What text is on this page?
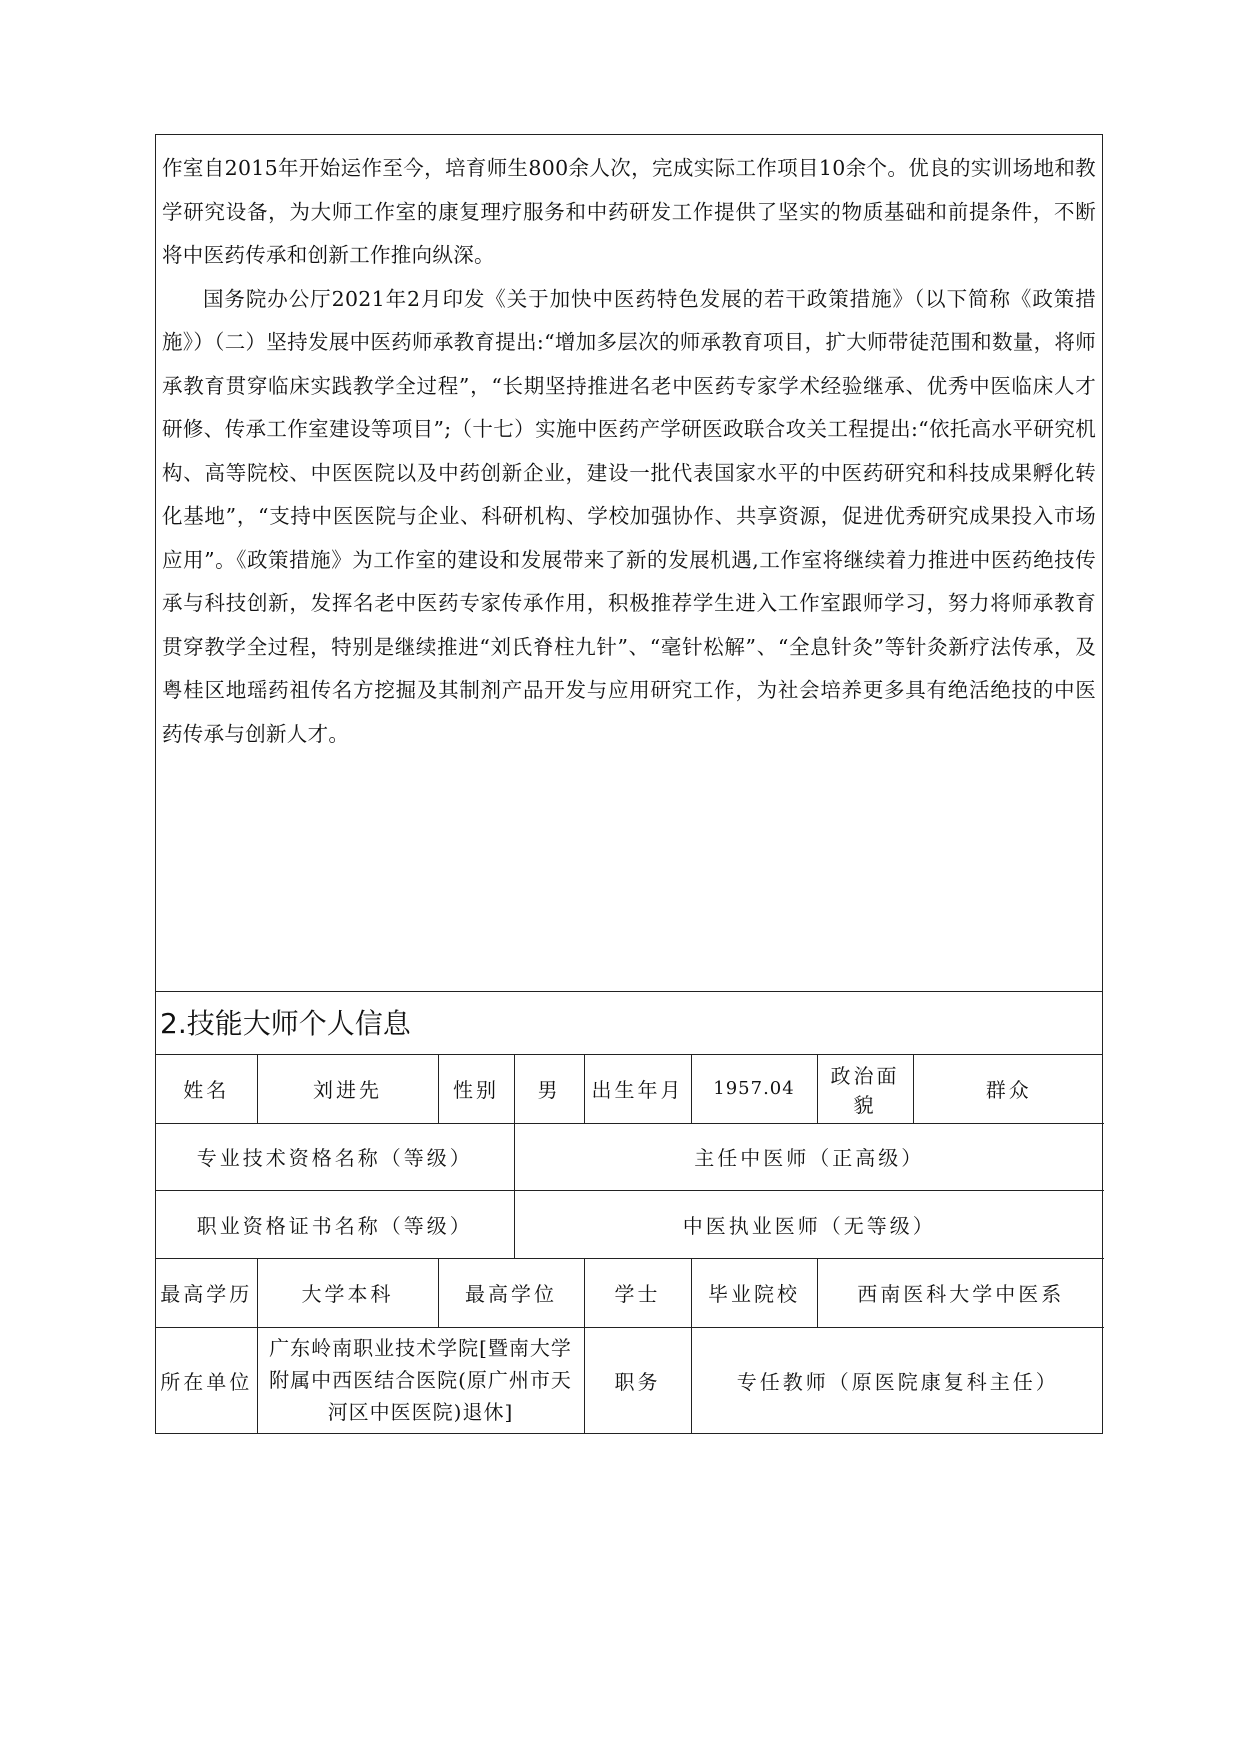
作室自2015年开始运作至今，培育师生800余人次，完成实际工作项目10余个。优良的实训场地和教学研究设备，为大师工作室的康复理疗服务和中药研发工作提供了坚实的物质基础和前提条件，不断将中医药传承和创新工作推向纵深。

国务院办公厅2021年2月印发《关于加快中医药特色发展的若干政策措施》（以下简称《政策措施》）（二）坚持发展中医药师承教育提出:“增加多层次的师承教育项目，扩大师带徒范围和数量，将师承教育贯穿临床实践教学全过程”，“长期坚持推进名老中医药专家学术经验继承、优秀中医临床人才研修、传承工作室建设等项目”;（十七）实施中医药产学研医政联合攻关工程提出:“依托高水平研究机构、高等院校、中医医院以及中药创新企业，建设一批代表国家水平的中医药研究和科技成果孵化转化基地”，“支持中医医院与企业、科研机构、学校加强协作、共享资源，促进优秀研究成果投入市场应用”。《政策措施》为工作室的建设和发展带来了新的发展机遇,工作室将继续着力推进中医药绝技传承与科技创新，发挥名老中医药专家传承作用，积极推荐学生进入工作室跟师学习，努力将师承教育贯穿教学全过程，特别是继续推进“刘氏脊柱九针”、“毫针松解”、“全息针灸”等针灸新疗法传承，及粤桂区地瑶药祖传名方挖掘及其制剂产品开发与应用研究工作，为社会培养更多具有绝活绝技的中医药传承与创新人才。

2.技能大师个人信息
姓名	刘进先	性别	男	出生年月	1957.04	政治面貌	群众
专业技术资格名称（等级）			主任中医师（正高级）				
职业资格证书名称（等级）			中医执业医师（无等级）				
最高学历	大学本科	最高学位		学士	毕业院校	西南医科大学中医系	
所在单位	广东岭南职业技术学院[暨南大学附属中西医结合医院(原广州市天河区中医医院)退休]			职务	专任教师（原医院康复科主任）		
